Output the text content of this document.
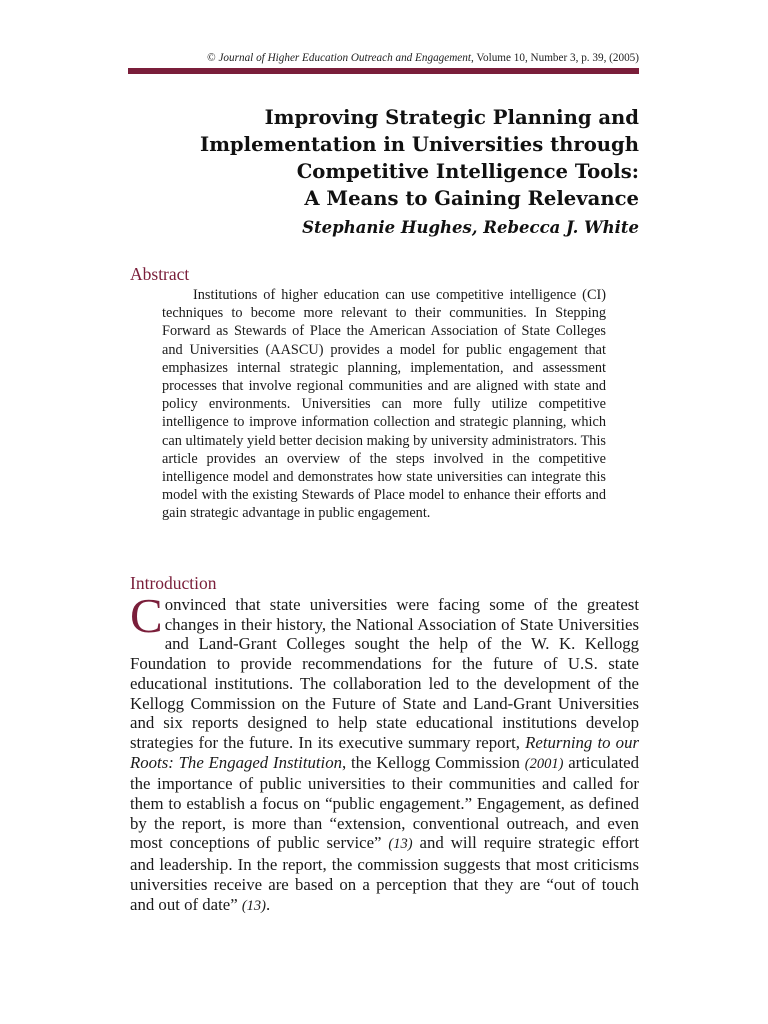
© Journal of Higher Education Outreach and Engagement, Volume 10, Number 3, p. 39, (2005)
Improving Strategic Planning and
Implementation in Universities through
Competitive Intelligence Tools:
A Means to Gaining Relevance
Stephanie Hughes, Rebecca J. White
Abstract

Institutions of higher education can use competitive intelligence (CI) techniques to become more relevant to their communities. In Stepping Forward as Stewards of Place the American Association of State Colleges and Universities (AASCU) provides a model for public engagement that emphasizes internal strategic planning, implementation, and assessment processes that involve regional communities and are aligned with state and policy environments. Universities can more fully utilize competitive intelligence to improve information collection and strategic planning, which can ultimately yield better decision making by university administrators. This article provides an overview of the steps involved in the competitive intelligence model and demonstrates how state universities can integrate this model with the existing Stewards of Place model to enhance their efforts and gain strategic advantage in public engagement.

Introduction

Convinced that state universities were facing some of the greatest changes in their history, the National Association of State Universities and Land-Grant Colleges sought the help of the W. K. Kellogg Foundation to provide recommendations for the future of U.S. state educational institutions. The collaboration led to the development of the Kellogg Commission on the Future of State and Land-Grant Universities and six reports designed to help state educational institutions develop strategies for the future. In its executive summary report, Returning to our Roots: The Engaged Institution, the Kellogg Commission (2001) articulated the importance of public universities to their communities and called for them to establish a focus on “public engagement.” Engagement, as defined by the report, is more than “extension, conventional outreach, and even most conceptions of public service” (13) and will require strategic effort and leadership. In the report, the commission suggests that most criticisms universities receive are based on a perception that they are “out of touch and out of date” (13).
